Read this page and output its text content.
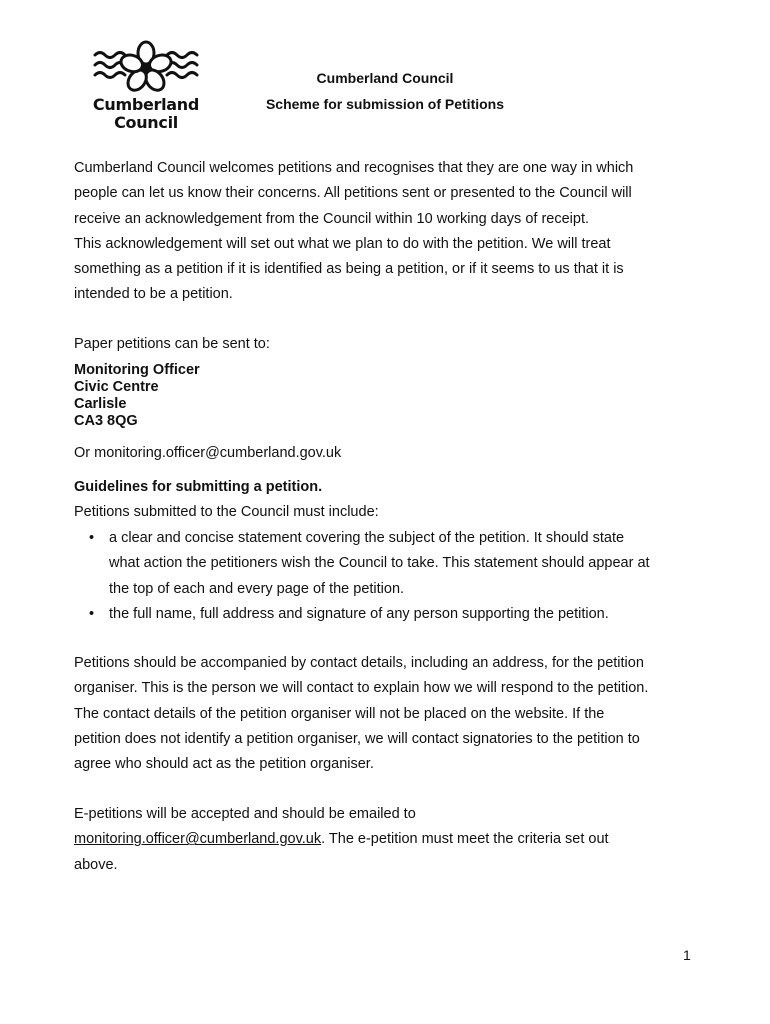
Cumberland
Council
Cumberland Council
Scheme for submission of Petitions
Cumberland Council welcomes petitions and recognises that they are one way in which
people can let us know their concerns. All petitions sent or presented to the Council will
receive an acknowledgement from the Council within 10 working days of receipt.
This acknowledgement will set out what we plan to do with the petition. We will treat
something as a petition if it is identified as being a petition, or if it seems to us that it is
intended to be a petition.
Paper petitions can be sent to:
Monitoring Officer
Civic Centre
Carlisle
CA3 8QG
Or monitoring.officer@cumberland.gov.uk
Guidelines for submitting a petition.
Petitions submitted to the Council must include:
• a clear and concise statement covering the subject of the petition. It should state
what action the petitioners wish the Council to take. This statement should appear at
the top of each and every page of the petition.
• the full name, full address and signature of any person supporting the petition.
Petitions should be accompanied by contact details, including an address, for the petition
organiser. This is the person we will contact to explain how we will respond to the petition.
The contact details of the petition organiser will not be placed on the website. If the
petition does not identify a petition organiser, we will contact signatories to the petition to
agree who should act as the petition organiser.
E-petitions will be accepted and should be emailed to
monitoring.officer@cumberland.gov.uk. The e-petition must meet the criteria set out
above.
1
